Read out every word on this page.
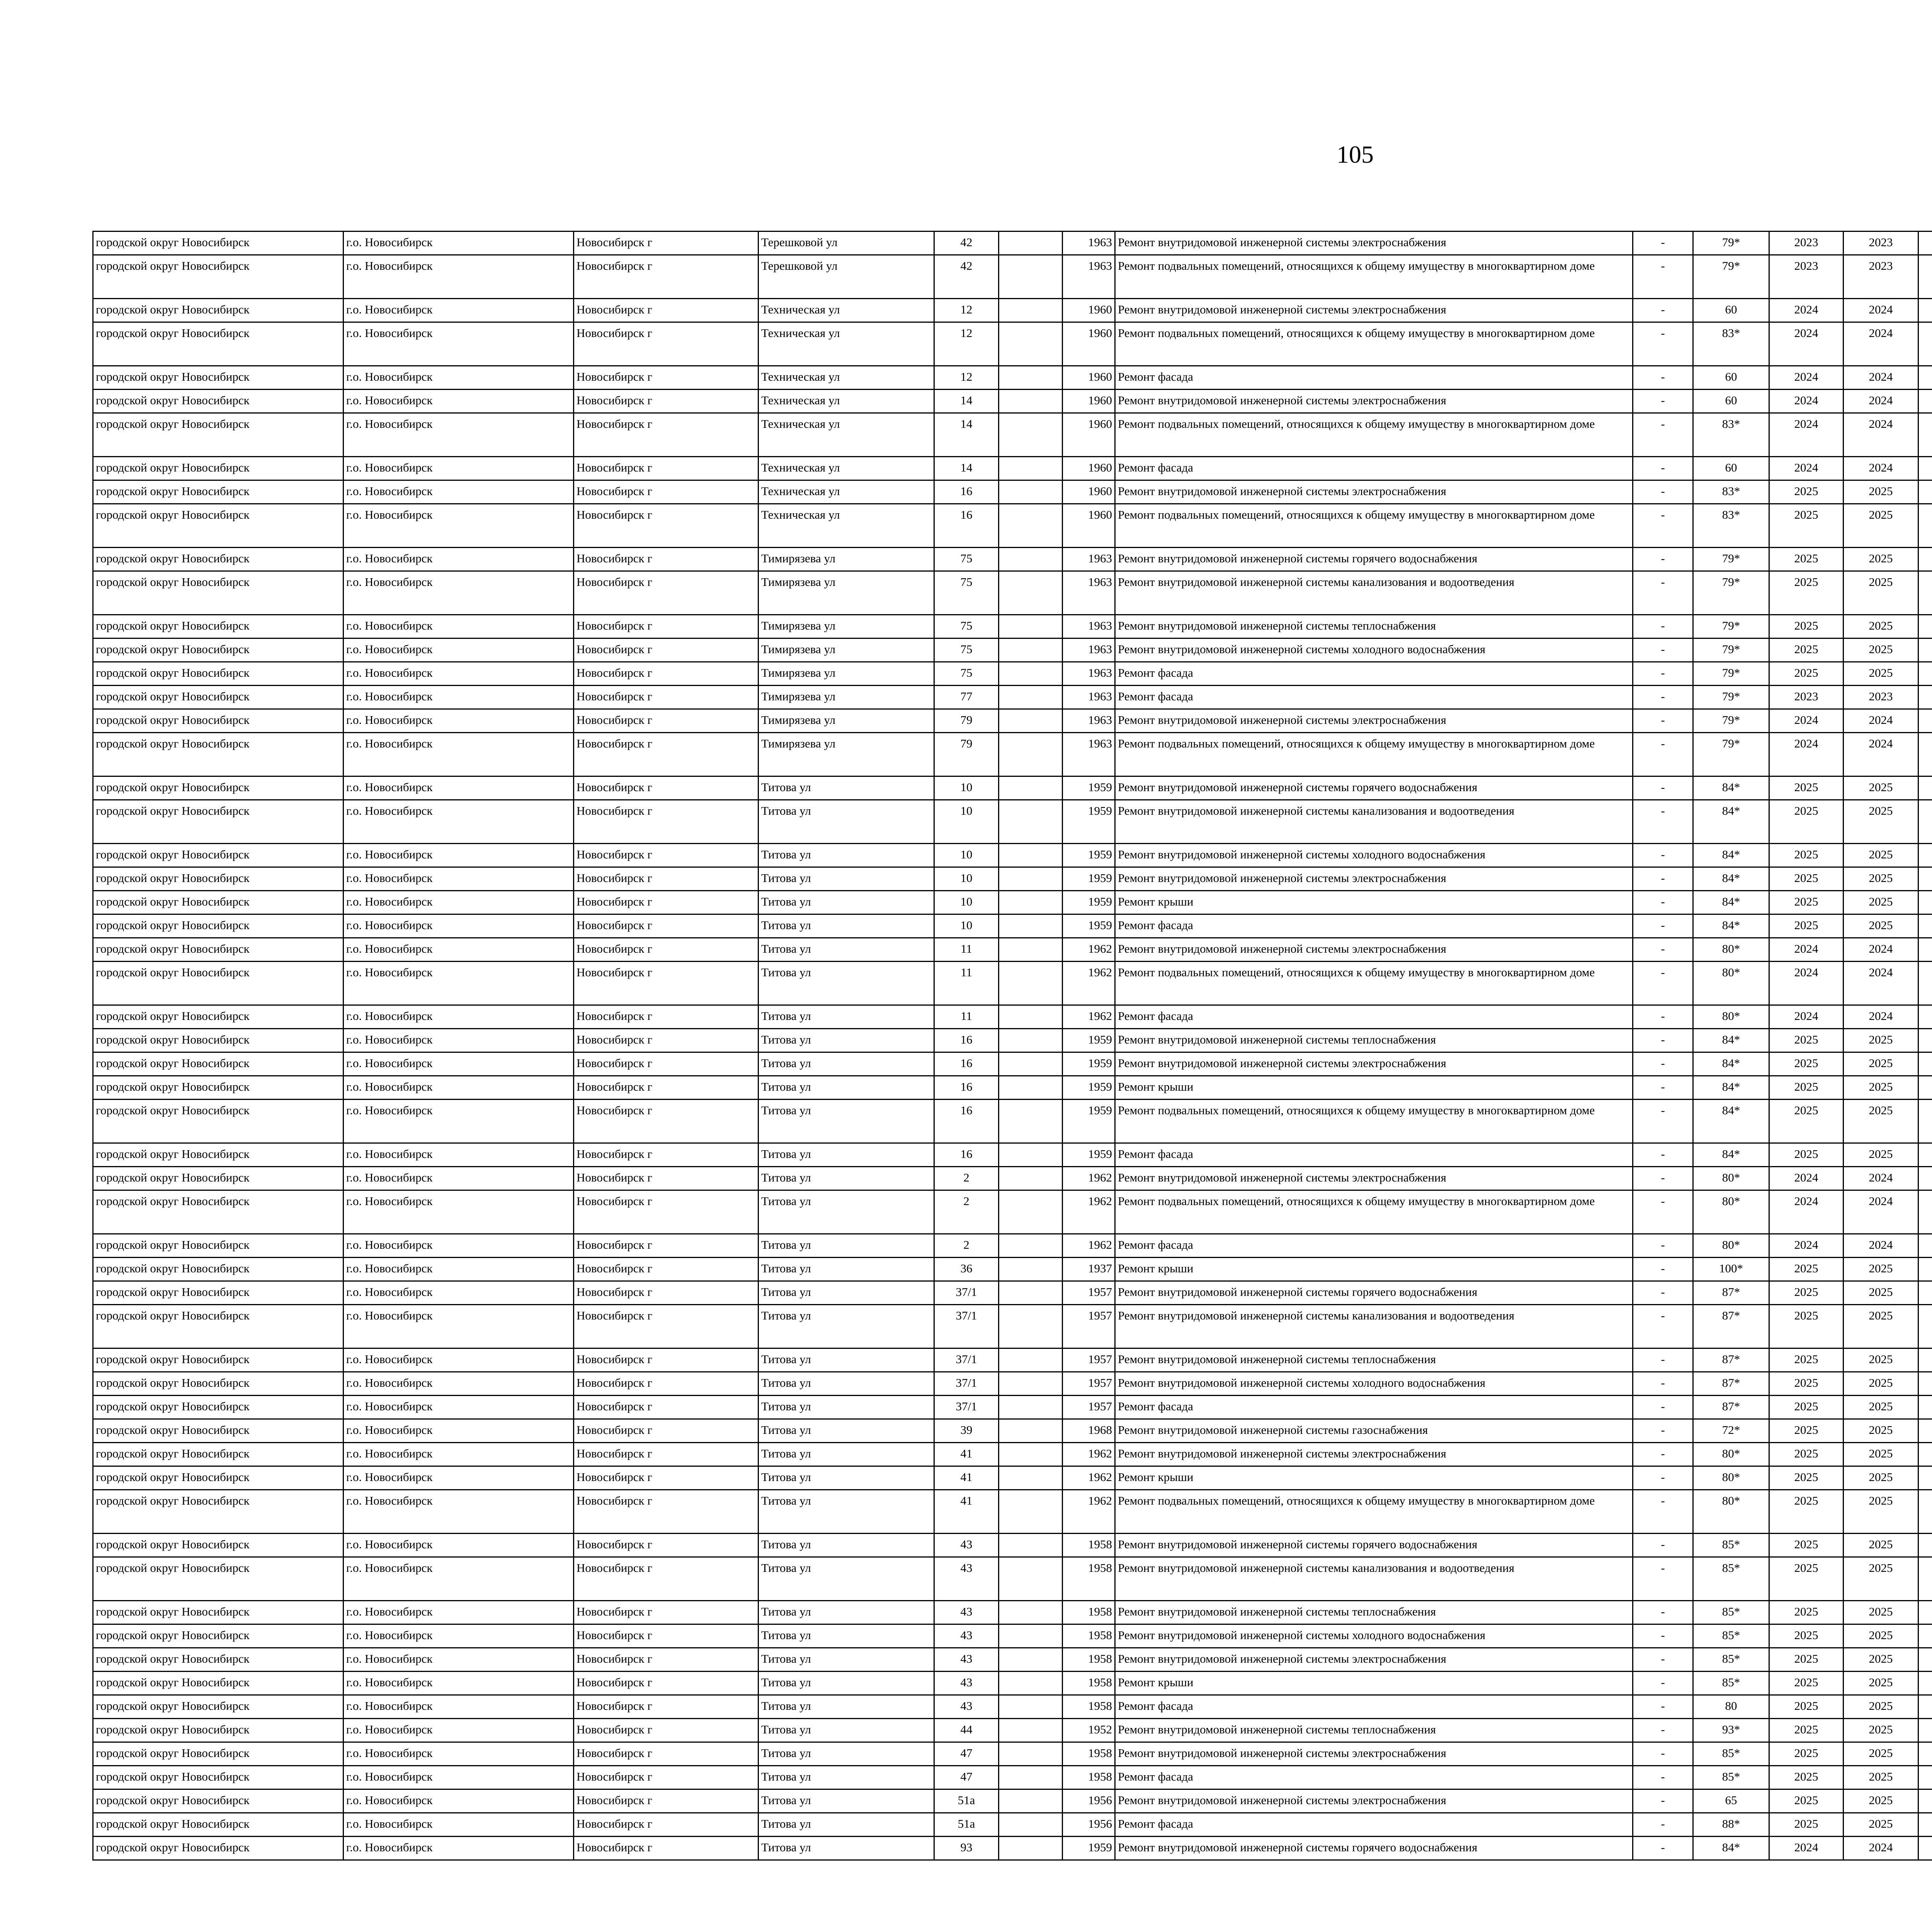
105
городской округ Новосибирск	г.о. Новосибирск	Новосибирск г	Терешковой ул	42		1963	Ремонт внутридомовой инженерной системы электроснабжения	-	79*	2023	2023						
городской округ Новосибирск	г.о. Новосибирск	Новосибирск г	Терешковой ул	42		1963	Ремонт подвальных помещений, относящихся к общему имуществу в многоквартирном доме	-	79*	2023	2023						
городской округ Новосибирск	г.о. Новосибирск	Новосибирск г	Техническая ул	12		1960	Ремонт внутридомовой инженерной системы электроснабжения	-	60	2024	2024						
городской округ Новосибирск	г.о. Новосибирск	Новосибирск г	Техническая ул	12		1960	Ремонт подвальных помещений, относящихся к общему имуществу в многоквартирном доме	-	83*	2024	2024						
городской округ Новосибирск	г.о. Новосибирск	Новосибирск г	Техническая ул	12		1960	Ремонт фасада	-	60	2024	2024						
городской округ Новосибирск	г.о. Новосибирск	Новосибирск г	Техническая ул	14		1960	Ремонт внутридомовой инженерной системы электроснабжения	-	60	2024	2024						
городской округ Новосибирск	г.о. Новосибирск	Новосибирск г	Техническая ул	14		1960	Ремонт подвальных помещений, относящихся к общему имуществу в многоквартирном доме	-	83*	2024	2024						
городской округ Новосибирск	г.о. Новосибирск	Новосибирск г	Техническая ул	14		1960	Ремонт фасада	-	60	2024	2024						
городской округ Новосибирск	г.о. Новосибирск	Новосибирск г	Техническая ул	16		1960	Ремонт внутридомовой инженерной системы электроснабжения	-	83*	2025	2025						
городской округ Новосибирск	г.о. Новосибирск	Новосибирск г	Техническая ул	16		1960	Ремонт подвальных помещений, относящихся к общему имуществу в многоквартирном доме	-	83*	2025	2025						
городской округ Новосибирск	г.о. Новосибирск	Новосибирск г	Тимирязева ул	75		1963	Ремонт внутридомовой инженерной системы горячего водоснабжения	-	79*	2025	2025						
городской округ Новосибирск	г.о. Новосибирск	Новосибирск г	Тимирязева ул	75		1963	Ремонт внутридомовой инженерной системы канализования и водоотведения	-	79*	2025	2025						
городской округ Новосибирск	г.о. Новосибирск	Новосибирск г	Тимирязева ул	75		1963	Ремонт внутридомовой инженерной системы теплоснабжения	-	79*	2025	2025						
городской округ Новосибирск	г.о. Новосибирск	Новосибирск г	Тимирязева ул	75		1963	Ремонт внутридомовой инженерной системы холодного водоснабжения	-	79*	2025	2025						
городской округ Новосибирск	г.о. Новосибирск	Новосибирск г	Тимирязева ул	75		1963	Ремонт фасада	-	79*	2025	2025						
городской округ Новосибирск	г.о. Новосибирск	Новосибирск г	Тимирязева ул	77		1963	Ремонт фасада	-	79*	2023	2023						
городской округ Новосибирск	г.о. Новосибирск	Новосибирск г	Тимирязева ул	79		1963	Ремонт внутридомовой инженерной системы электроснабжения	-	79*	2024	2024						
городской округ Новосибирск	г.о. Новосибирск	Новосибирск г	Тимирязева ул	79		1963	Ремонт подвальных помещений, относящихся к общему имуществу в многоквартирном доме	-	79*	2024	2024						
городской округ Новосибирск	г.о. Новосибирск	Новосибирск г	Титова ул	10		1959	Ремонт внутридомовой инженерной системы горячего водоснабжения	-	84*	2025	2025						
городской округ Новосибирск	г.о. Новосибирск	Новосибирск г	Титова ул	10		1959	Ремонт внутридомовой инженерной системы канализования и водоотведения	-	84*	2025	2025						
городской округ Новосибирск	г.о. Новосибирск	Новосибирск г	Титова ул	10		1959	Ремонт внутридомовой инженерной системы холодного водоснабжения	-	84*	2025	2025						
городской округ Новосибирск	г.о. Новосибирск	Новосибирск г	Титова ул	10		1959	Ремонт внутридомовой инженерной системы электроснабжения	-	84*	2025	2025						
городской округ Новосибирск	г.о. Новосибирск	Новосибирск г	Титова ул	10		1959	Ремонт крыши	-	84*	2025	2025						
городской округ Новосибирск	г.о. Новосибирск	Новосибирск г	Титова ул	10		1959	Ремонт фасада	-	84*	2025	2025						
городской округ Новосибирск	г.о. Новосибирск	Новосибирск г	Титова ул	11		1962	Ремонт внутридомовой инженерной системы электроснабжения	-	80*	2024	2024						
городской округ Новосибирск	г.о. Новосибирск	Новосибирск г	Титова ул	11		1962	Ремонт подвальных помещений, относящихся к общему имуществу в многоквартирном доме	-	80*	2024	2024						
городской округ Новосибирск	г.о. Новосибирск	Новосибирск г	Титова ул	11		1962	Ремонт фасада	-	80*	2024	2024						
городской округ Новосибирск	г.о. Новосибирск	Новосибирск г	Титова ул	16		1959	Ремонт внутридомовой инженерной системы теплоснабжения	-	84*	2025	2025						
городской округ Новосибирск	г.о. Новосибирск	Новосибирск г	Титова ул	16		1959	Ремонт внутридомовой инженерной системы электроснабжения	-	84*	2025	2025						
городской округ Новосибирск	г.о. Новосибирск	Новосибирск г	Титова ул	16		1959	Ремонт крыши	-	84*	2025	2025						
городской округ Новосибирск	г.о. Новосибирск	Новосибирск г	Титова ул	16		1959	Ремонт подвальных помещений, относящихся к общему имуществу в многоквартирном доме	-	84*	2025	2025						
городской округ Новосибирск	г.о. Новосибирск	Новосибирск г	Титова ул	16		1959	Ремонт фасада	-	84*	2025	2025						
городской округ Новосибирск	г.о. Новосибирск	Новосибирск г	Титова ул	2		1962	Ремонт внутридомовой инженерной системы электроснабжения	-	80*	2024	2024						
городской округ Новосибирск	г.о. Новосибирск	Новосибирск г	Титова ул	2		1962	Ремонт подвальных помещений, относящихся к общему имуществу в многоквартирном доме	-	80*	2024	2024						
городской округ Новосибирск	г.о. Новосибирск	Новосибирск г	Титова ул	2		1962	Ремонт фасада	-	80*	2024	2024						
городской округ Новосибирск	г.о. Новосибирск	Новосибирск г	Титова ул	36		1937	Ремонт крыши	-	100*	2025	2025						
городской округ Новосибирск	г.о. Новосибирск	Новосибирск г	Титова ул	37/1		1957	Ремонт внутридомовой инженерной системы горячего водоснабжения	-	87*	2025	2025						
городской округ Новосибирск	г.о. Новосибирск	Новосибирск г	Титова ул	37/1		1957	Ремонт внутридомовой инженерной системы канализования и водоотведения	-	87*	2025	2025						
городской округ Новосибирск	г.о. Новосибирск	Новосибирск г	Титова ул	37/1		1957	Ремонт внутридомовой инженерной системы теплоснабжения	-	87*	2025	2025						
городской округ Новосибирск	г.о. Новосибирск	Новосибирск г	Титова ул	37/1		1957	Ремонт внутридомовой инженерной системы холодного водоснабжения	-	87*	2025	2025						
городской округ Новосибирск	г.о. Новосибирск	Новосибирск г	Титова ул	37/1		1957	Ремонт фасада	-	87*	2025	2025						
городской округ Новосибирск	г.о. Новосибирск	Новосибирск г	Титова ул	39		1968	Ремонт внутридомовой инженерной системы газоснабжения	-	72*	2025	2025						
городской округ Новосибирск	г.о. Новосибирск	Новосибирск г	Титова ул	41		1962	Ремонт внутридомовой инженерной системы электроснабжения	-	80*	2025	2025						
городской округ Новосибирск	г.о. Новосибирск	Новосибирск г	Титова ул	41		1962	Ремонт крыши	-	80*	2025	2025						
городской округ Новосибирск	г.о. Новосибирск	Новосибирск г	Титова ул	41		1962	Ремонт подвальных помещений, относящихся к общему имуществу в многоквартирном доме	-	80*	2025	2025						
городской округ Новосибирск	г.о. Новосибирск	Новосибирск г	Титова ул	43		1958	Ремонт внутридомовой инженерной системы горячего водоснабжения	-	85*	2025	2025						
городской округ Новосибирск	г.о. Новосибирск	Новосибирск г	Титова ул	43		1958	Ремонт внутридомовой инженерной системы канализования и водоотведения	-	85*	2025	2025						
городской округ Новосибирск	г.о. Новосибирск	Новосибирск г	Титова ул	43		1958	Ремонт внутридомовой инженерной системы теплоснабжения	-	85*	2025	2025						
городской округ Новосибирск	г.о. Новосибирск	Новосибирск г	Титова ул	43		1958	Ремонт внутридомовой инженерной системы холодного водоснабжения	-	85*	2025	2025						
городской округ Новосибирск	г.о. Новосибирск	Новосибирск г	Титова ул	43		1958	Ремонт внутридомовой инженерной системы электроснабжения	-	85*	2025	2025						
городской округ Новосибирск	г.о. Новосибирск	Новосибирск г	Титова ул	43		1958	Ремонт крыши	-	85*	2025	2025						
городской округ Новосибирск	г.о. Новосибирск	Новосибирск г	Титова ул	43		1958	Ремонт фасада	-	80	2025	2025						
городской округ Новосибирск	г.о. Новосибирск	Новосибирск г	Титова ул	44		1952	Ремонт внутридомовой инженерной системы теплоснабжения	-	93*	2025	2025						
городской округ Новосибирск	г.о. Новосибирск	Новосибирск г	Титова ул	47		1958	Ремонт внутридомовой инженерной системы электроснабжения	-	85*	2025	2025						
городской округ Новосибирск	г.о. Новосибирск	Новосибирск г	Титова ул	47		1958	Ремонт фасада	-	85*	2025	2025						
городской округ Новосибирск	г.о. Новосибирск	Новосибирск г	Титова ул	51а		1956	Ремонт внутридомовой инженерной системы электроснабжения	-	65	2025	2025						
городской округ Новосибирск	г.о. Новосибирск	Новосибирск г	Титова ул	51а		1956	Ремонт фасада	-	88*	2025	2025						
городской округ Новосибирск	г.о. Новосибирск	Новосибирск г	Титова ул	93		1959	Ремонт внутридомовой инженерной системы горячего водоснабжения	-	84*	2024	2024						
